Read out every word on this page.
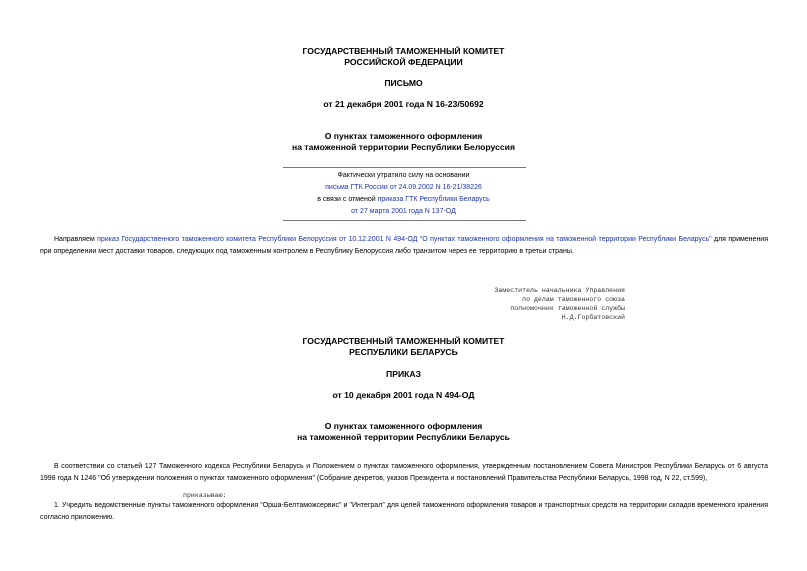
ГОСУДАРСТВЕННЫЙ ТАМОЖЕННЫЙ КОМИТЕТ
РОССИЙСКОЙ ФЕДЕРАЦИИ
ПИСЬМО
от 21 декабря 2001 года N 16-23/50692
О пунктах таможенного оформления
на таможенной территории Республики Белоруссия
Фактически утратило силу на основании
письма ГТК России от 24.09.2002 N 16-21/38226
в связи с отменой приказа ГТК Республики Беларусь
от 27 марта 2001 года N 137-ОД
Направляем приказ Государственного таможенного комитета Республики Белоруссия от 10.12.2001 N 494-ОД "О пунктах таможенного оформления на таможенной территории Республики Беларусь" для применения при определении мест доставки товаров, следующих под таможенным контролем в Республику Белоруссия либо транзитом через ее территорию в третьи страны.
Заместитель начальника Управления
по делам таможенного союза
полномочник таможенной службы
Н.Д.Горбатовский
ГОСУДАРСТВЕННЫЙ ТАМОЖЕННЫЙ КОМИТЕТ
РЕСПУБЛИКИ БЕЛАРУСЬ
ПРИКАЗ
от 10 декабря 2001 года N 494-ОД
О пунктах таможенного оформления
на таможенной территории Республики Беларусь
В соответствии со статьей 127 Таможенного кодекса Республики Беларусь и Положением о пунктах таможенного оформления, утвержденным постановлением Совета Министров Республики Беларусь от 6 августа 1998 года N 1246 "Об утверждении положения о пунктах таможенного оформления" (Собрание декретов, указов Президента и постановлений Правительства Республики Беларусь, 1998 год, N 22, ст.599),
приказываю:
1. Учредить ведомственные пункты таможенного оформления "Орша-Белтаможсервис" и "Интеграл" для целей таможенного оформления товаров и транспортных средств на территории складов временного хранения согласно приложению.
